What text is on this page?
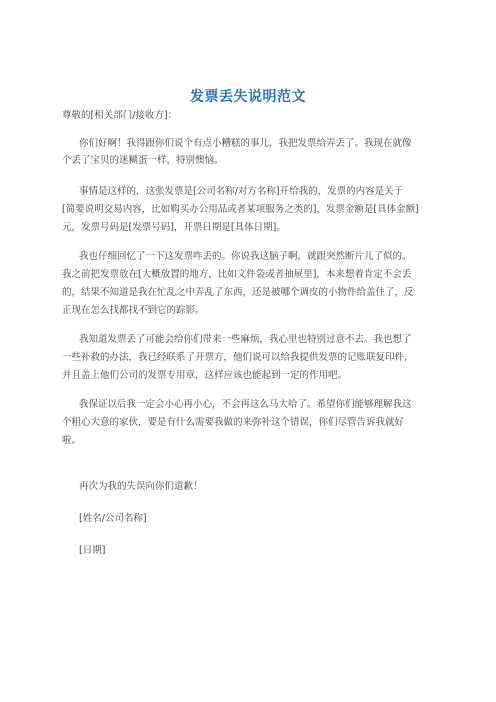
发票丢失说明范文
尊敬的[相关部门/接收方]：
你们好啊！我得跟你们说个有点小糟糕的事儿，我把发票给弄丢了。我现在就像
个丢了宝贝的迷糊蛋一样，特别懊恼。
事情是这样的，这张发票是[公司名称/对方名称]开给我的，发票的内容是关于
[简要说明交易内容，比如购买办公用品或者某项服务之类的]，发票金额是[具体金额]
元，发票号码是[发票号码]，开票日期是[具体日期]。
我也仔细回忆了一下这发票咋丢的。你说我这脑子啊，就跟突然断片儿了似的。
我之前把发票放在[大概放置的地方，比如文件袋或者抽屉里]，本来想着肯定不会丢
的，结果不知道是我在忙乱之中弄乱了东西，还是被哪个调皮的小物件给盖住了，反
正现在怎么找都找不到它的踪影。
我知道发票丢了可能会给你们带来一些麻烦，我心里也特别过意不去。我也想了
一些补救的办法，我已经联系了开票方，他们说可以给我提供发票的记账联复印件，
并且盖上他们公司的发票专用章，这样应该也能起到一定的作用吧。
我保证以后我一定会小心再小心，不会再这么马大哈了。希望你们能够理解我这
个粗心大意的家伙，要是有什么需要我做的来弥补这个错误，你们尽管告诉我就好
啦。
再次为我的失误向你们道歉！
[姓名/公司名称]
[日期]
